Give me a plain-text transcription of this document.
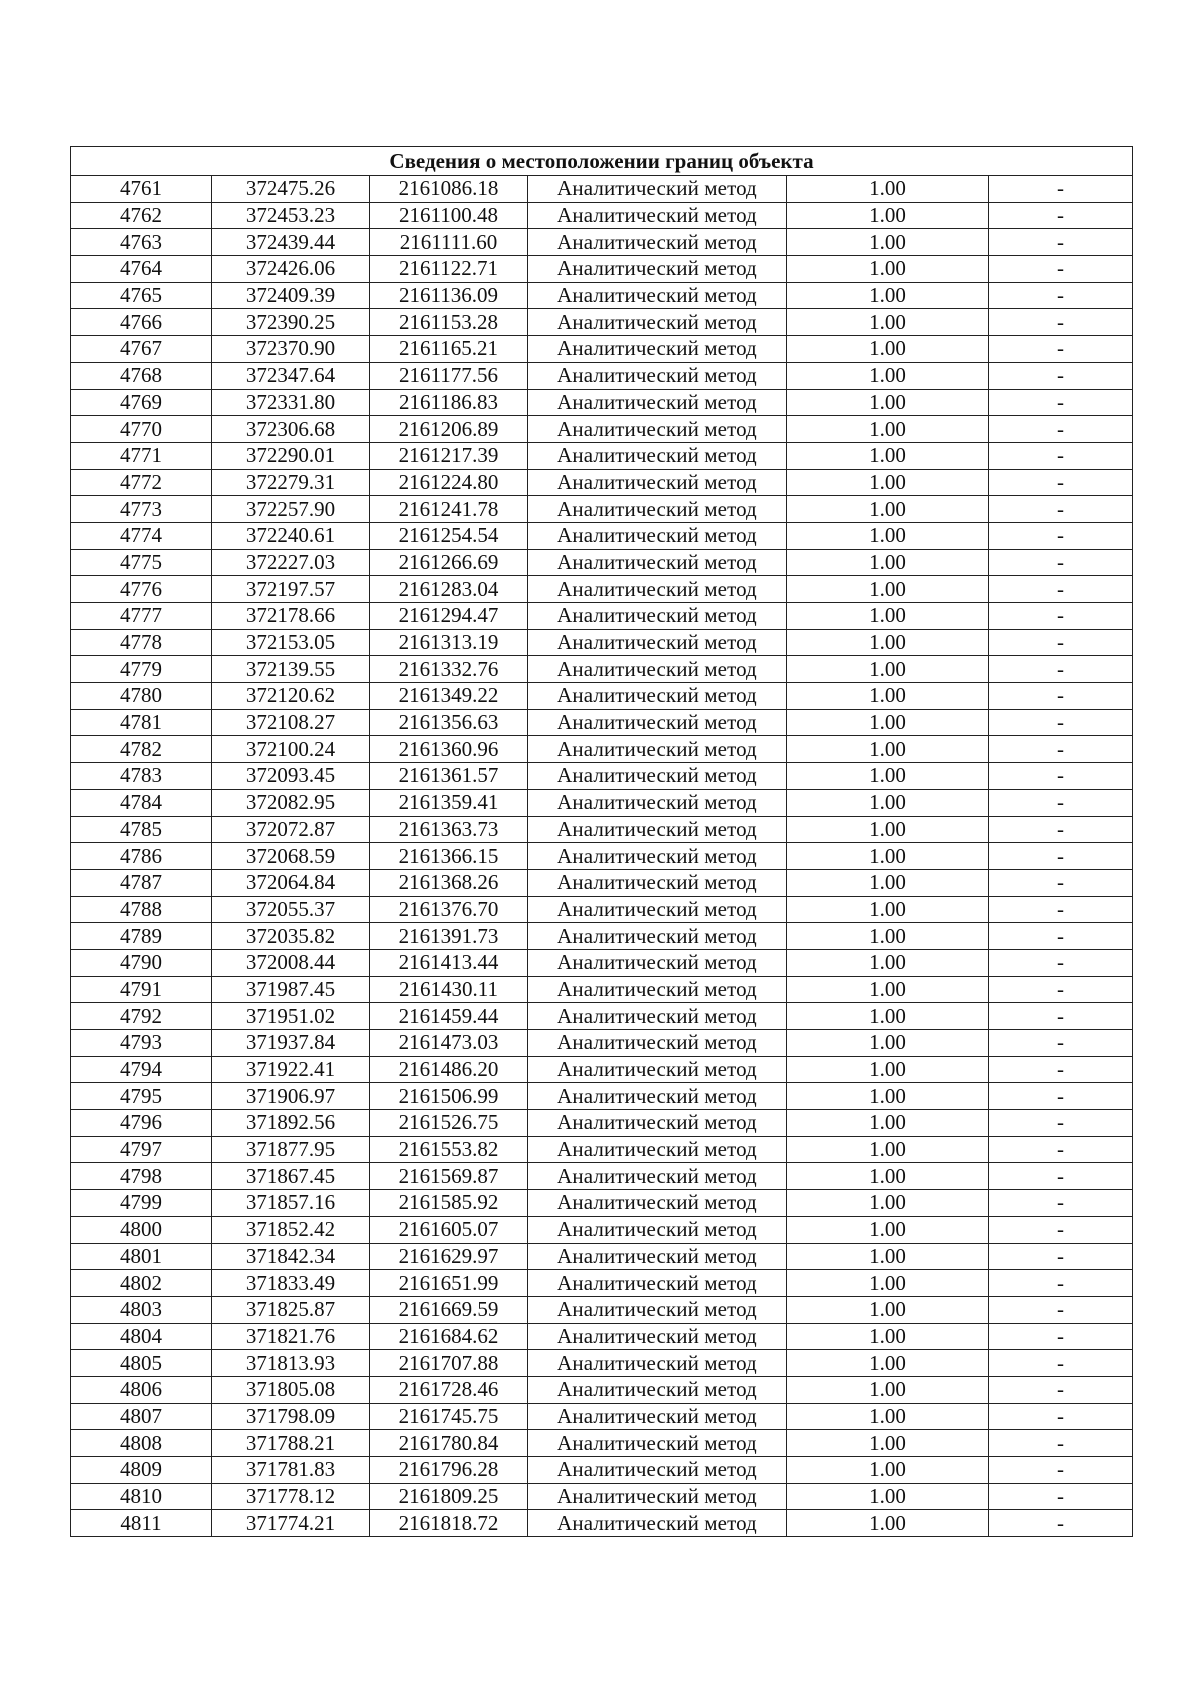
Сведения о местоположении границ объекта					
4761	372475.26	2161086.18	Аналитический метод	1.00	-
4762	372453.23	2161100.48	Аналитический метод	1.00	-
4763	372439.44	2161111.60	Аналитический метод	1.00	-
4764	372426.06	2161122.71	Аналитический метод	1.00	-
4765	372409.39	2161136.09	Аналитический метод	1.00	-
4766	372390.25	2161153.28	Аналитический метод	1.00	-
4767	372370.90	2161165.21	Аналитический метод	1.00	-
4768	372347.64	2161177.56	Аналитический метод	1.00	-
4769	372331.80	2161186.83	Аналитический метод	1.00	-
4770	372306.68	2161206.89	Аналитический метод	1.00	-
4771	372290.01	2161217.39	Аналитический метод	1.00	-
4772	372279.31	2161224.80	Аналитический метод	1.00	-
4773	372257.90	2161241.78	Аналитический метод	1.00	-
4774	372240.61	2161254.54	Аналитический метод	1.00	-
4775	372227.03	2161266.69	Аналитический метод	1.00	-
4776	372197.57	2161283.04	Аналитический метод	1.00	-
4777	372178.66	2161294.47	Аналитический метод	1.00	-
4778	372153.05	2161313.19	Аналитический метод	1.00	-
4779	372139.55	2161332.76	Аналитический метод	1.00	-
4780	372120.62	2161349.22	Аналитический метод	1.00	-
4781	372108.27	2161356.63	Аналитический метод	1.00	-
4782	372100.24	2161360.96	Аналитический метод	1.00	-
4783	372093.45	2161361.57	Аналитический метод	1.00	-
4784	372082.95	2161359.41	Аналитический метод	1.00	-
4785	372072.87	2161363.73	Аналитический метод	1.00	-
4786	372068.59	2161366.15	Аналитический метод	1.00	-
4787	372064.84	2161368.26	Аналитический метод	1.00	-
4788	372055.37	2161376.70	Аналитический метод	1.00	-
4789	372035.82	2161391.73	Аналитический метод	1.00	-
4790	372008.44	2161413.44	Аналитический метод	1.00	-
4791	371987.45	2161430.11	Аналитический метод	1.00	-
4792	371951.02	2161459.44	Аналитический метод	1.00	-
4793	371937.84	2161473.03	Аналитический метод	1.00	-
4794	371922.41	2161486.20	Аналитический метод	1.00	-
4795	371906.97	2161506.99	Аналитический метод	1.00	-
4796	371892.56	2161526.75	Аналитический метод	1.00	-
4797	371877.95	2161553.82	Аналитический метод	1.00	-
4798	371867.45	2161569.87	Аналитический метод	1.00	-
4799	371857.16	2161585.92	Аналитический метод	1.00	-
4800	371852.42	2161605.07	Аналитический метод	1.00	-
4801	371842.34	2161629.97	Аналитический метод	1.00	-
4802	371833.49	2161651.99	Аналитический метод	1.00	-
4803	371825.87	2161669.59	Аналитический метод	1.00	-
4804	371821.76	2161684.62	Аналитический метод	1.00	-
4805	371813.93	2161707.88	Аналитический метод	1.00	-
4806	371805.08	2161728.46	Аналитический метод	1.00	-
4807	371798.09	2161745.75	Аналитический метод	1.00	-
4808	371788.21	2161780.84	Аналитический метод	1.00	-
4809	371781.83	2161796.28	Аналитический метод	1.00	-
4810	371778.12	2161809.25	Аналитический метод	1.00	-
4811	371774.21	2161818.72	Аналитический метод	1.00	-
